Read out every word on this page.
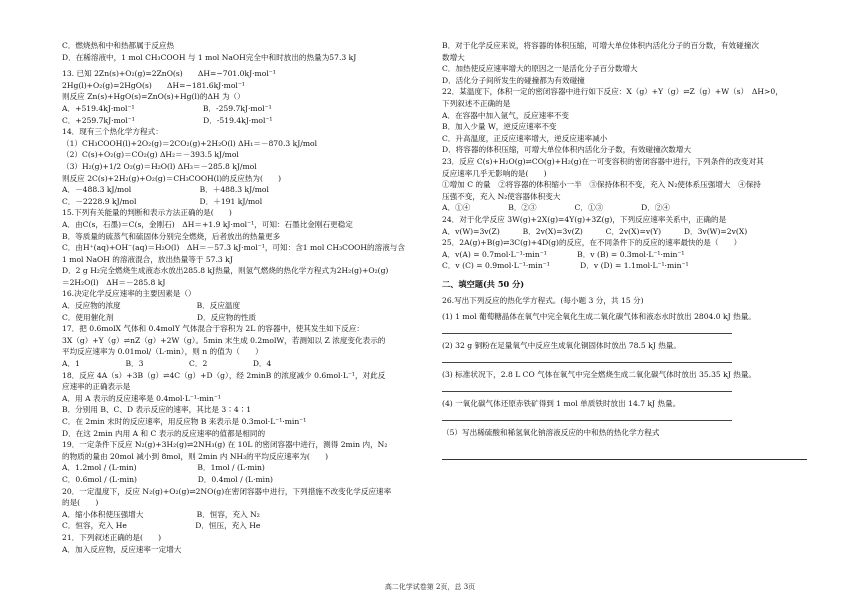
C．燃烧热和中和热都属于反应热
D．在稀溶液中，1 mol CH₃COOH 与 1 mol NaOH完全中和时放出的热量为57.3 kJ
13. 已知 2Zn(s)+O₂(g)=2ZnO(s)　　ΔH=−701.0kJ·mol⁻¹
2Hg(l)+O₂(g)=2HgO(s)　　ΔH=−181.6kJ·mol⁻¹
则反应 Zn(s)+HgO(s)=ZnO(s)+Hg(l)的ΔH 为（）
A．+519.4kJ·mol⁻¹　　　　　　　　　B．-259.7kJ·mol⁻¹
C．+259.7kJ·mol⁻¹　　　　　　　　　D．-519.4kJ·mol⁻¹
14．现有三个热化学方程式：
（1）CH₃COOH(l)+2O₂(g)＝2CO₂(g)+2H₂O(l) ΔH₁＝－870.3 kJ/mol
（2）C(s)+O₂(g)＝CO₂(g) ΔH₂＝－393.5 kJ/mol
（3）H₂(g)+1/2 O₂(g)＝H₂O(l) ΔH₃＝－285.8 kJ/mol
则反应 2C(s)+2H₂(g)+O₂(g)＝CH₃COOH(l)的反应热为(　　)
A．－488.3 kJ/mol　　　　　　　　　B．＋488.3 kJ/mol
C．－2228.9 kJ/mol　　　　　　　　 D．＋191 kJ/mol
15.下列有关能量的判断和表示方法正确的是(　　)
A．由C(s，石墨)＝C(s，金刚石)　ΔH＝+1.9 kJ·mol⁻¹，可知：石墨比金刚石更稳定
B．等质量的硫蒸气和硫固体分别完全燃烧，后者放出的热量更多
C．由H⁺(aq)+OH⁻(aq)＝H₂O(l)　ΔH＝－57.3 kJ·mol⁻¹，可知：含1 mol CH₃COOH的溶液与含
1 mol NaOH 的溶液混合，放出热量等于 57.3 kJ
D．2 g H₂完全燃烧生成液态水放出285.8 kJ热量，则氢气燃烧的热化学方程式为2H₂(g)+O₂(g)
＝2H₂O(l)　ΔH＝－285.8 kJ
16.决定化学反应速率的主要因素是（）
A．反应物的浓度　　　　　　　　　　B．反应温度
C．使用催化剂　　　　　　　　　　　D．反应物的性质
17．把 0.6molX 气体和 0.4molY 气体混合于容积为 2L 的容器中，使其发生如下反应：
3X（g）+Y（g）⇌nZ（g）+2W（g）。5min 末生成 0.2molW，若测知以 Z 浓度变化表示的
平均反应速率为 0.01mol/（L·min），则 n 的值为（　　）
A．1　　　　　　B．3　　　　　　C．2　　　　　　D．4
18．反应 4A（s）+3B（g）⇌4C（g）+D（g），经 2minB 的浓度减少 0.6mol·L⁻¹，对此反
应速率的正确表示是
A．用 A 表示的反应速率是 0.4mol·L⁻¹·min⁻¹
B．分别用 B、C、D 表示反应的速率，其比是 3∶4∶1
C．在 2min 末时的反应速率，用反应物 B 来表示是 0.3mol·L⁻¹·min⁻¹
D．在这 2min 内用 A 和 C 表示的反应速率的值都是相同的
19．一定条件下反应 N₂(g)+3H₂(g)⇌2NH₃(g) 在 10L 的密闭容器中进行，测得 2min 内，N₂
的物质的量由 20mol 减小到 8mol，则 2min 内 NH₃的平均反应速率为(　　)
A．1.2mol / (L·min)　　　　　　　　B．1mol / (L·min)
C．0.6mol / (L·min)　　　　　　　　D．0.4mol / (L·min)
20．一定温度下，反应 N₂(g)+O₂(g)⇌2NO(g)在密闭容器中进行，下列措施不改变化学反应速率
的是(　　)
A．缩小体积使压强增大　　　　　　　B．恒容，充入 N₂
C．恒容，充入 He　　　　　　　　　D．恒压，充入 He
21．下列叙述正确的是(　　)
A．加入反应物，反应速率一定增大
B．对于化学反应来说，将容器的体积压缩，可增大单位体积内活化分子的百分数，有效碰撞次
数增大
C．加热使反应速率增大的原因之一是活化分子百分数增大
D．活化分子间所发生的碰撞都为有效碰撞
22．某温度下，体积一定的密闭容器中进行如下反应：X（g）+Y（g）⇌Z（g）+W（s）　ΔH>0，
下列叙述不正确的是
A．在容器中加入氩气，反应速率不变
B．加入少量 W，逆反应速率不变
C．升高温度，正反应速率增大，逆反应速率减小
D．将容器的体积压缩，可增大单位体积内活化分子数，有效碰撞次数增大
23．反应 C(s)+H₂O(g)⇌CO(g)+H₂(g)在一可变容积的密闭容器中进行，下列条件的改变对其
反应速率几乎无影响的是(　　)
①增加 C 的量　②将容器的体积缩小一半　③保持体积不变，充入 N₂使体系压强增大　④保持
压强不变，充入 N₂使容器体积变大
A．①④　　　　　B．②③　　　　　C．①③　　　　　D．②④
24．对于化学反应 3W(g)+2X(g)=4Y(g)+3Z(g)，下列反应速率关系中，正确的是
A．v(W)=3v(Z)　　　B．2v(X)=3v(Z)　　　C．2v(X)=v(Y)　　　D．3v(W)=2v(X)
25．2A(g)+B(g)⇌3C(g)+4D(g)的反应，在不同条件下的反应的速率最快的是（　　）
A．v(A) = 0.7mol·L⁻¹·min⁻¹　　　　B．v (B) = 0.3mol·L⁻¹·min⁻¹
C．v (C) = 0.9mol·L⁻¹·min⁻¹　　　　D．v (D) = 1.1mol·L⁻¹·min⁻¹
二、填空题(共 50 分)
26.写出下列反应的热化学方程式。(每小题 3 分，共 15 分)
(1) 1 mol 葡萄糖晶体在氧气中完全氧化生成二氧化碳气体和液态水时放出 2804.0 kJ 热量。
(2) 32 g 铜粉在足量氧气中反应生成氧化铜固体时放出 78.5 kJ 热量。
(3) 标准状况下，2.8 L CO 气体在氧气中完全燃烧生成二氧化碳气体时放出 35.35 kJ 热量。
(4) 一氧化碳气体还原赤铁矿得到 1 mol 单质铁时放出 14.7 kJ 热量。
（5）写出稀硫酸和稀氢氧化钠溶液反应的中和热的热化学方程式
高二化学试卷第 2页，总 3页
